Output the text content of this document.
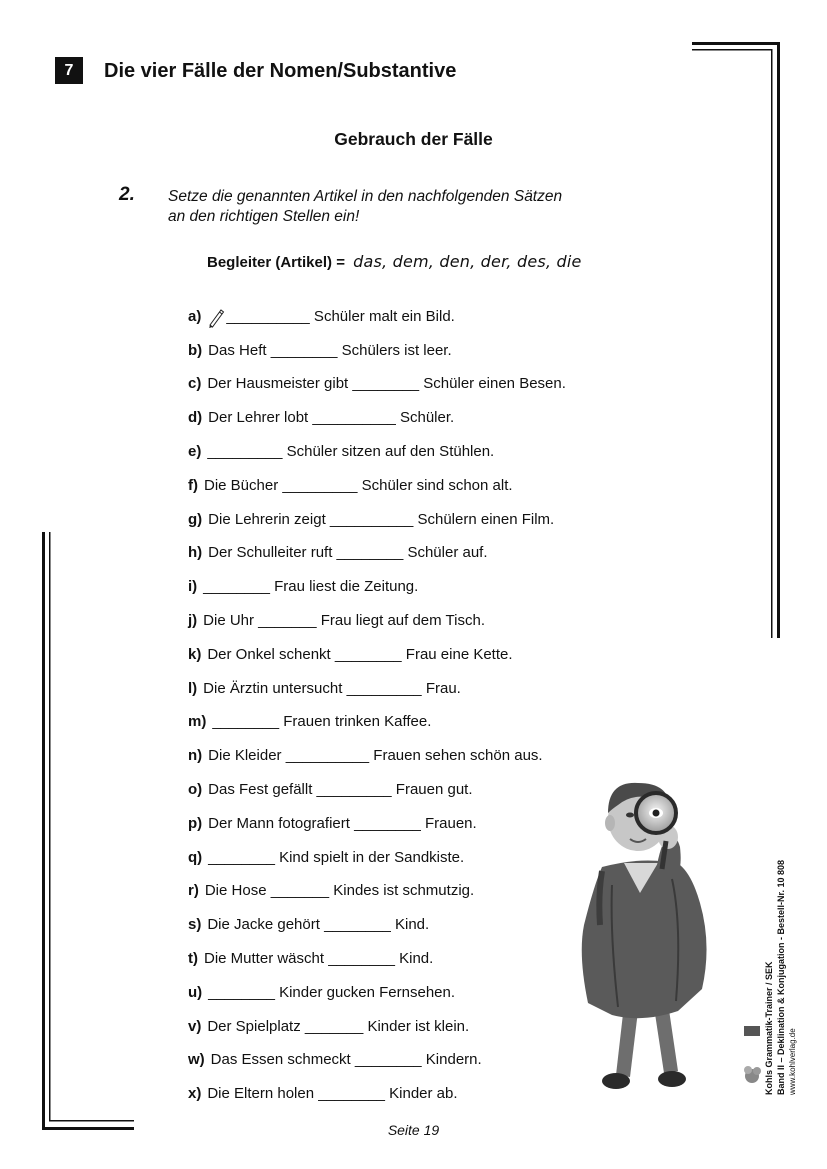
7	Die vier Fälle der Nomen/Substantive
Gebrauch der Fälle
2. Setze die genannten Artikel in den nachfolgenden Sätzen
an den richtigen Stellen ein!
Begleiter (Artikel) = das, dem, den, der, des, die
a) __________ Schüler malt ein Bild.
b) Das Heft ________ Schülers ist leer.
c) Der Hausmeister gibt ________ Schüler einen Besen.
d) Der Lehrer lobt __________ Schüler.
e) _________ Schüler sitzen auf den Stühlen.
f) Die Bücher _________ Schüler sind schon alt.
g) Die Lehrerin zeigt __________ Schülern einen Film.
h) Der Schulleiter ruft ________ Schüler auf.
i) ________ Frau liest die Zeitung.
j) Die Uhr _______ Frau liegt auf dem Tisch.
k) Der Onkel schenkt ________ Frau eine Kette.
l) Die Ärztin untersucht _________ Frau.
m) ________ Frauen trinken Kaffee.
n) Die Kleider __________ Frauen sehen schön aus.
o) Das Fest gefällt _________ Frauen gut.
p) Der Mann fotografiert ________ Frauen.
q) ________ Kind spielt in der Sandkiste.
r) Die Hose _______ Kindes ist schmutzig.
s) Die Jacke gehört ________ Kind.
t) Die Mutter wäscht ________ Kind.
u) ________ Kinder gucken Fernsehen.
v) Der Spielplatz _______ Kinder ist klein.
w) Das Essen schmeckt ________ Kindern.
x) Die Eltern holen ________ Kinder ab.	Kohls Grammatik-Trainer / SEK Band II – Deklination & Konjugation - Bestell-Nr. 10 808 www.kohlverlag.de
Seite 19
